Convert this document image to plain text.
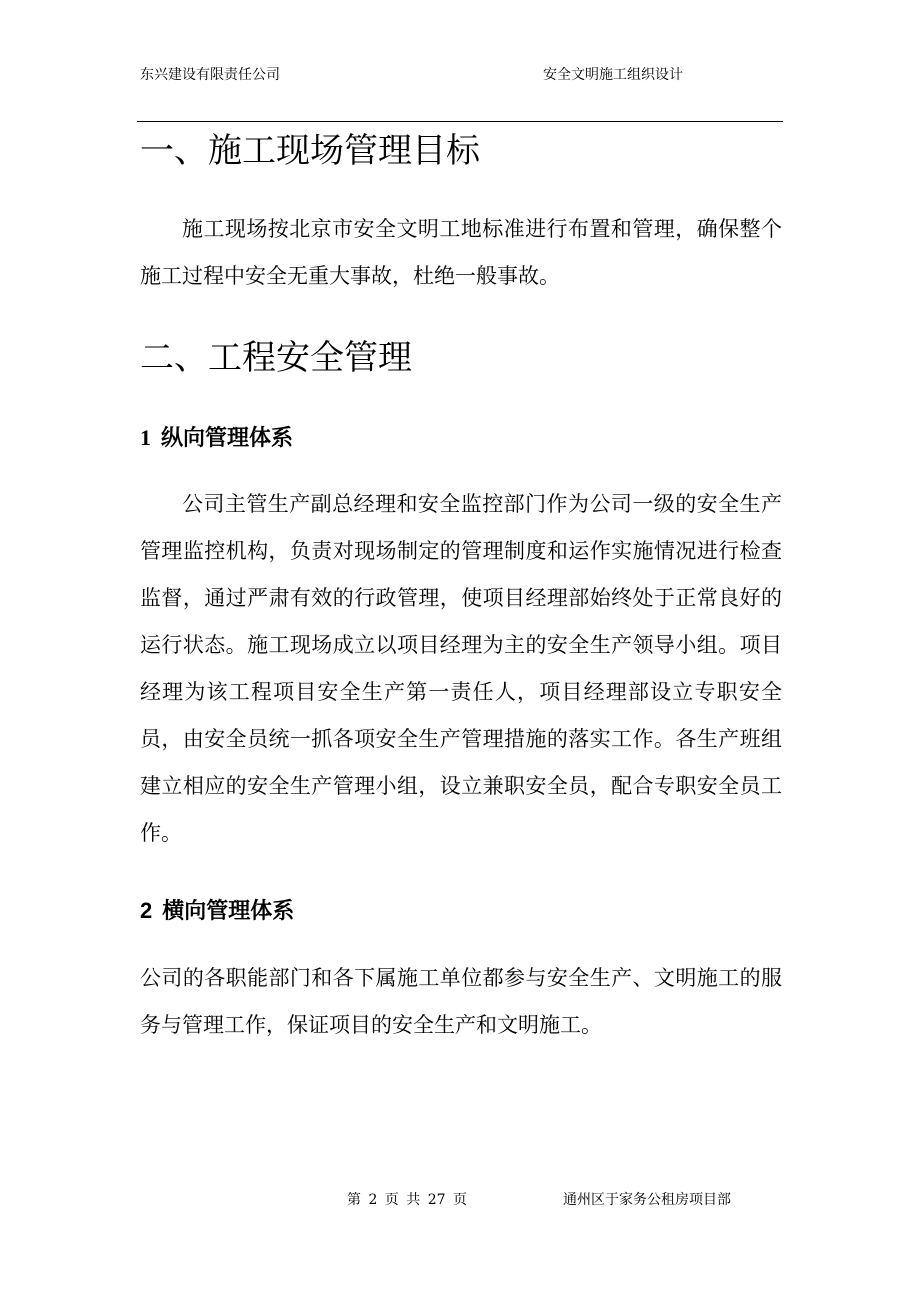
东兴建设有限责任公司	安全文明施工组织设计
一、施工现场管理目标

施工现场按北京市安全文明工地标准进行布置和管理，确保整个施工过程中安全无重大事故，杜绝一般事故。

二、工程安全管理
1 纵向管理体系

公司主管生产副总经理和安全监控部门作为公司一级的安全生产管理监控机构，负责对现场制定的管理制度和运作实施情况进行检查监督，通过严肃有效的行政管理，使项目经理部始终处于正常良好的运行状态。施工现场成立以项目经理为主的安全生产领导小组。项目经理为该工程项目安全生产第一责任人，项目经理部设立专职安全员，由安全员统一抓各项安全生产管理措施的落实工作。各生产班组建立相应的安全生产管理小组，设立兼职安全员，配合专职安全员工作。

2 横向管理体系

公司的各职能部门和各下属施工单位都参与安全生产、文明施工的服务与管理工作，保证项目的安全生产和文明施工。

第 2 页 共 27 页	通州区于家务公租房项目部
